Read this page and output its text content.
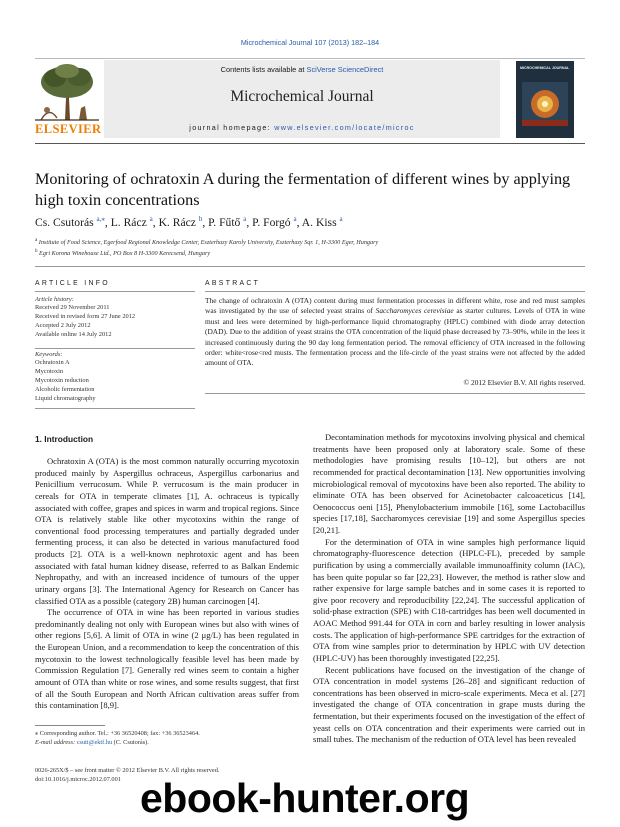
Microchemical Journal 107 (2013) 182–184
ELSEVIER
Contents lists available at SciVerse ScienceDirect
Microchemical Journal
journal homepage: www.elsevier.com/locate/microc
MICROCHEMICAL JOURNAL
Monitoring of ochratoxin A during the fermentation of different wines by applying high toxin concentrations
Cs. Csutorás $^{a,⁎}$, L. Rácz $^a$, K. Rácz $^b$, P. Fűtő $^a$, P. Forgó $^a$, A. Kiss $^a$
$^a$ Institute of Food Science, Egerfood Regional Knowledge Center, Eszterhazy Karoly University, Eszterhazy Sqr. 1, H-3300 Eger, Hungary
$^b$ Egri Korona Winehouse Ltd., PO Box 8 H-3300 Kerecsend, Hungary
ARTICLE INFO	ABSTRACT
Article history:
Received 29 November 2011
Received in revised form 27 June 2012
Accepted 2 July 2012
Available online 14 July 2012
Keywords:
Ochratoxin A
Mycotoxin
Mycotoxin reduction
Alcoholic fermentation
Liquid chromatography
The change of ochratoxin A (OTA) content during must fermentation processes in different white, rose and red must samples was investigated by the use of selected yeast strains of Saccharomyces cerevisiae as starter cultures. Levels of OTA in wine must and lees were determined by high-performance liquid chromatography (HPLC) combined with diode array detection (DAD). Due to the addition of yeast strains the OTA concentration of the liquid phase decreased by 73–90%, while in the lees it increased continuously during the 90 day long fermentation period. The removal efficiency of OTA increased in the following order: white<rose<red musts. The fermentation process and the life-circle of the yeast strains were not affected by the added amount of OTA.
© 2012 Elsevier B.V. All rights reserved.
1. Introduction

Ochratoxin A (OTA) is the most common naturally occurring mycotoxin produced mainly by Aspergillus ochraceus, Aspergillus carbonarius and Penicillium verrucosum. While P. verrucosum is the main producer in cereals for OTA in temperate climates [1], A. ochraceus is typically associated with coffee, grapes and spices in warm and tropical regions. Since OTA is relatively stable like other mycotoxins within the range of conventional food processing temperatures and partially degraded under fermenting process, it can also be detected in various manufactured food products [2]. OTA is a well-known nephrotoxic agent and has been associated with fatal human kidney disease, referred to as Balkan Endemic Nephropathy, and with an increased incidence of tumours of the upper urinary organs [3]. The International Agency for Research on Cancer has classified OTA as a possible (category 2B) human carcinogen [4].

The occurrence of OTA in wine has been reported in various studies predominantly dealing not only with European wines but also with wines of other regions [5,6]. A limit of OTA in wine (2 μg/L) has been regulated in the European Union, and a recommendation to keep the concentration of this mycotoxin to the lowest technologically feasible level has been made by Commission Regulation [7]. Generally red wines seem to contain a higher amount of OTA than white or rose wines, and some results suggest, that first of all the South European and North African cultivation areas suffer from this contamination [8,9].

Decontamination methods for mycotoxins involving physical and chemical treatments have been proposed only at laboratory scale. Some of these methodologies have promising results [10–12], but others are not recommended for practical decontamination [13]. New opportunities involving microbiological removal of mycotoxins have been also reported. The ability to eliminate OTA has been observed for Acinetobacter calcoaceticus [14], Oenococcus oeni [15], Phenylobacterium immobile [16], some Lactobacillus species [17,18], Saccharomyces cerevisiae [19] and some Aspergillus species [20,21].

For the determination of OTA in wine samples high performance liquid chromatography-fluorescence detection (HPLC-FL), preceded by sample purification by using a commercially available immunoaffinity column (IAC), has been quite popular so far [22,23]. However, the method is rather slow and rather expensive for large sample batches and in some cases it is reported to give poor recovery and reproducibility [22,24]. The successful application of solid-phase extraction (SPE) with C18-cartridges has been well documented in AOAC Method 991.44 for OTA in corn and barley resulting in lower analysis costs. The application of high-performance SPE cartridges for the extraction of OTA from wine samples prior to determination by HPLC with UV detection (HPLC-UV) has been thoroughly investigated [22,25].

Recent publications have focused on the investigation of the change of OTA concentration in model systems [26–28] and significant reduction of concentrations has been observed in micro-scale experiments. Meca et al. [27] investigated the change of OTA concentration in grape musts during the fermentation, but their experiments focused on the investigation of the effect of yeast cells on OTA concentration and their experiments were carried out in small tubes. The mechanism of the reduction of OTA level has been revealed

⁎ Corresponding author. Tel.: +36 36520408; fax: +36 36523464.
E-mail address: csuti@ektf.hu (C. Csutorás).
0026-265X/$ – see front matter © 2012 Elsevier B.V. All rights reserved.
doi:10.1016/j.microc.2012.07.001 ebook-hunter.org
